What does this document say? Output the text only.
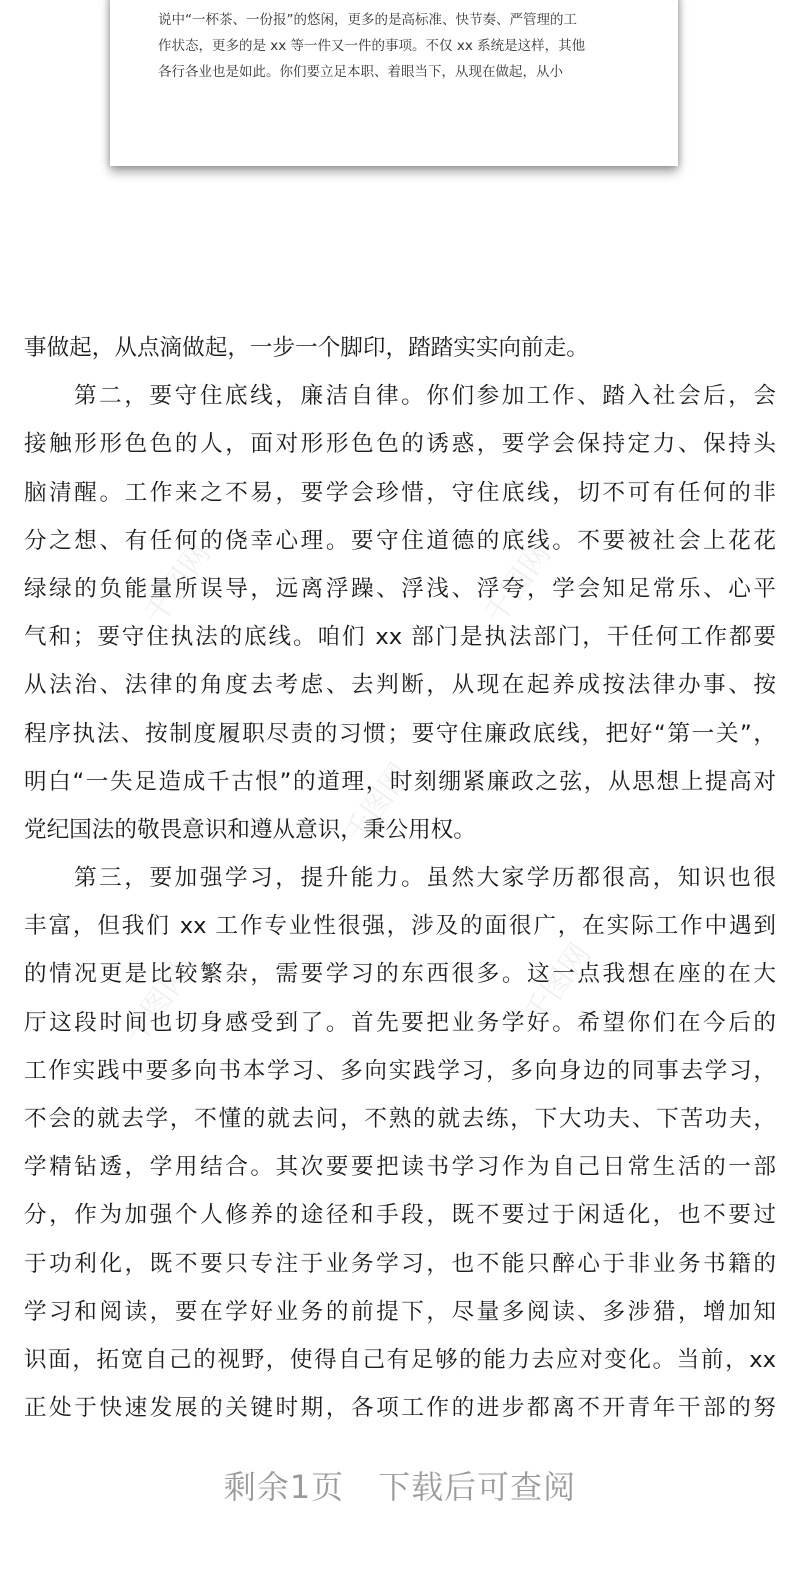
说中“一杯茶、一份报”的悠闲，更多的是高标准、快节奏、严管理的工
作状态，更多的是 xx 等一件又一件的事项。不仅 xx 系统是这样，其他
各行各业也是如此。你们要立足本职、着眼当下，从现在做起，从小
千图网	千图网
千图网
千图网
千图网
事做起，从点滴做起，一步一个脚印，踏踏实实向前走。
第二，要守住底线，廉洁自律。你们参加工作、踏入社会后，会
接触形形色色的人，面对形形色色的诱惑，要学会保持定力、保持头
脑清醒。工作来之不易，要学会珍惜，守住底线，切不可有任何的非
分之想、有任何的侥幸心理。要守住道德的底线。不要被社会上花花
绿绿的负能量所误导，远离浮躁、浮浅、浮夸，学会知足常乐、心平
气和；要守住执法的底线。咱们 xx 部门是执法部门，干任何工作都要
从法治、法律的角度去考虑、去判断，从现在起养成按法律办事、按
程序执法、按制度履职尽责的习惯；要守住廉政底线，把好“第一关”，
明白“一失足造成千古恨”的道理，时刻绷紧廉政之弦，从思想上提高对
党纪国法的敬畏意识和遵从意识，秉公用权。
第三，要加强学习，提升能力。虽然大家学历都很高，知识也很
丰富，但我们 xx 工作专业性很强，涉及的面很广，在实际工作中遇到
的情况更是比较繁杂，需要学习的东西很多。这一点我想在座的在大
厅这段时间也切身感受到了。首先要把业务学好。希望你们在今后的
工作实践中要多向书本学习、多向实践学习，多向身边的同事去学习，
不会的就去学，不懂的就去问，不熟的就去练，下大功夫、下苦功夫，
学精钻透，学用结合。其次要要把读书学习作为自己日常生活的一部
分，作为加强个人修养的途径和手段，既不要过于闲适化，也不要过
于功利化，既不要只专注于业务学习，也不能只醉心于非业务书籍的
学习和阅读，要在学好业务的前提下，尽量多阅读、多涉猎，增加知
识面，拓宽自己的视野，使得自己有足够的能力去应对变化。当前，xx
正处于快速发展的关键时期，各项工作的进步都离不开青年干部的努
剩余1页 下载后可查阅
